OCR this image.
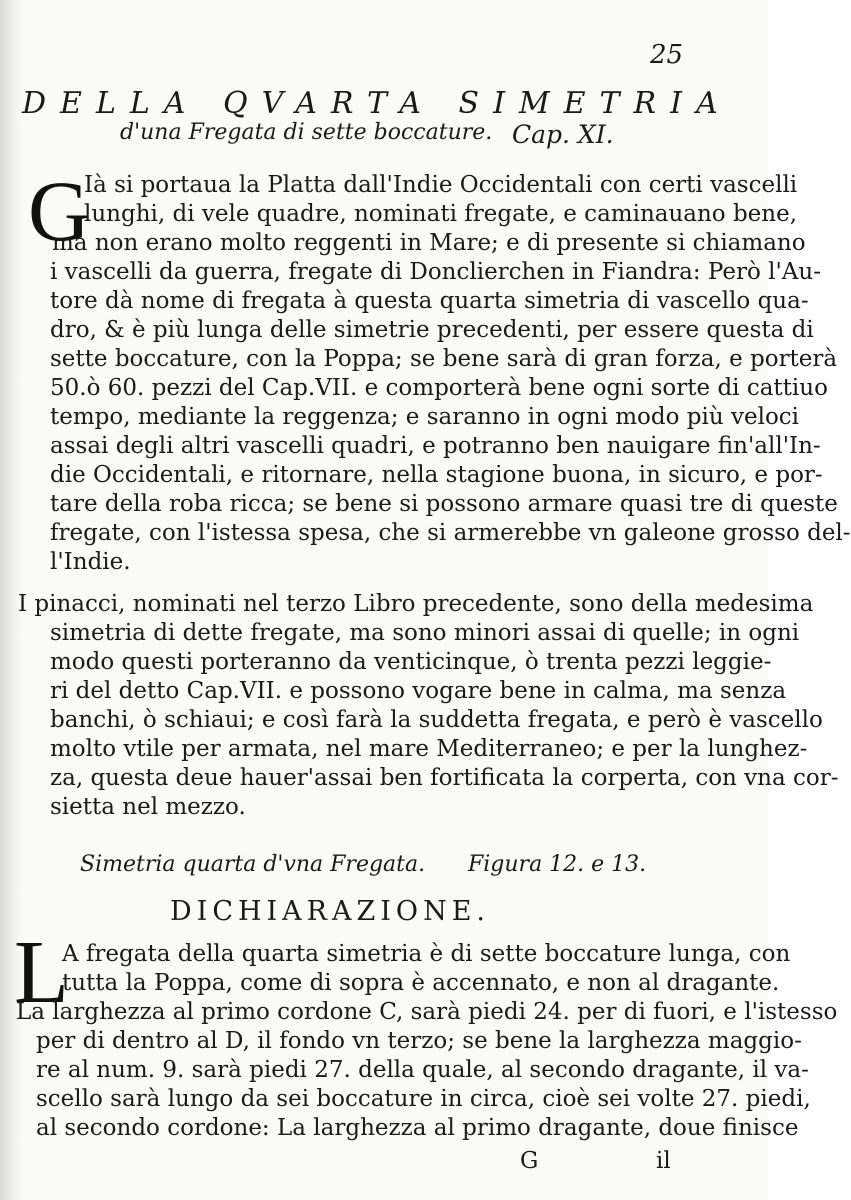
25
DELLA QVARTA SIMETRIA
d'una Fregata di sette boccature. Cap. XI.
G
Ià si portaua la Platta dall'Indie Occidentali con certi vascelli
lunghi, di vele quadre, nominati fregate, e caminauano bene,
ma non erano molto reggenti in Mare; e di presente si chiamano
i vascelli da guerra, fregate di Donclierchen in Fiandra: Però l'Au-
tore dà nome di fregata à questa quarta simetria di vascello qua-
dro, & è più lunga delle simetrie precedenti, per essere questa di
sette boccature, con la Poppa; se bene sarà di gran forza, e porterà
50.ò 60. pezzi del Cap.VII. e comporterà bene ogni sorte di cattiuo
tempo, mediante la reggenza; e saranno in ogni modo più veloci
assai degli altri vascelli quadri, e potranno ben nauigare fin'all'In-
die Occidentali, e ritornare, nella stagione buona, in sicuro, e por-
tare della roba ricca; se bene si possono armare quasi tre di queste
fregate, con l'istessa spesa, che si armerebbe vn galeone grosso del-
l'Indie.
I pinacci, nominati nel terzo Libro precedente, sono della medesima
simetria di dette fregate, ma sono minori assai di quelle; in ogni
modo questi porteranno da venticinque, ò trenta pezzi leggie-
ri del detto Cap.VII. e possono vogare bene in calma, ma senza
banchi, ò schiaui; e così farà la suddetta fregata, e però è vascello
molto vtile per armata, nel mare Mediterraneo; e per la lunghez-
za, questa deue hauer'assai ben fortificata la corperta, con vna cor-
sietta nel mezzo.
Simetria quarta d'vna Fregata. Figura 12. e 13.
DICHIARAZIONE.
L
A fregata della quarta simetria è di sette boccature lunga, con
tutta la Poppa, come di sopra è accennato, e non al dragante.
La larghezza al primo cordone C, sarà piedi 24. per di fuori, e l'istesso
per di dentro al D, il fondo vn terzo; se bene la larghezza maggio-
re al num. 9. sarà piedi 27. della quale, al secondo dragante, il va-
scello sarà lungo da sei boccature in circa, cioè sei volte 27. piedi,
al secondo cordone: La larghezza al primo dragante, doue finisce
G	il
